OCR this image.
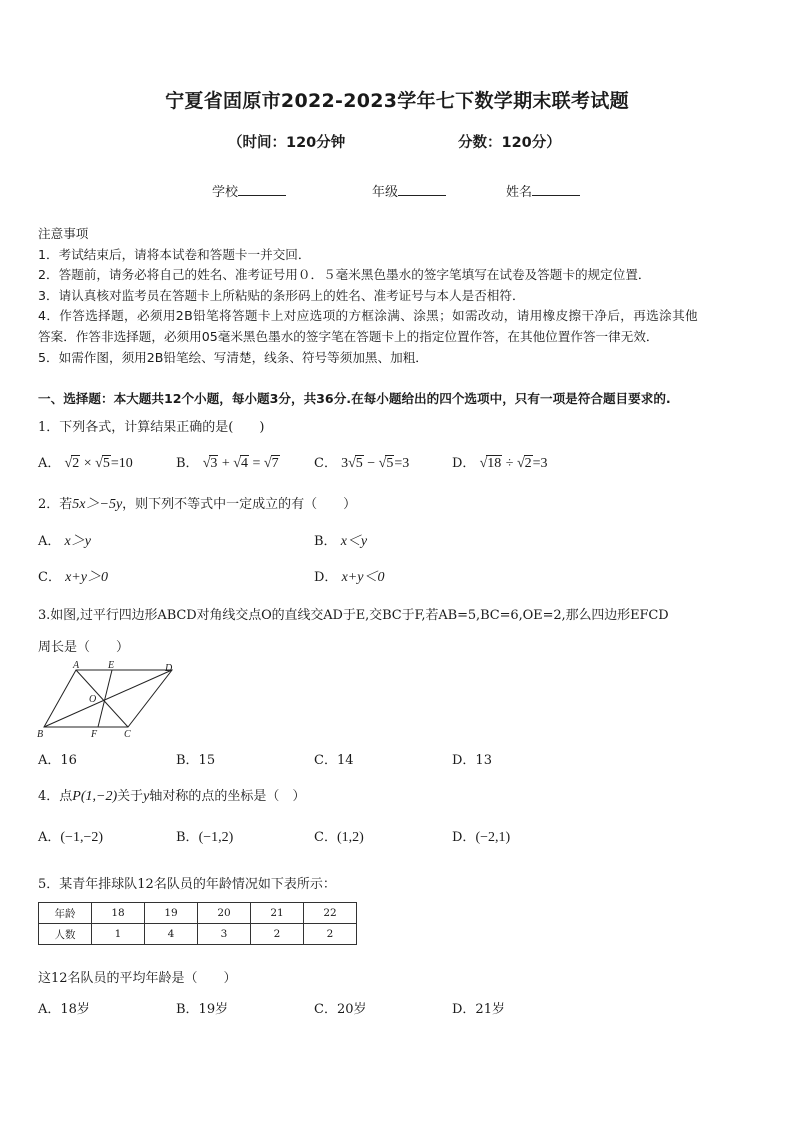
宁夏省固原市2022-2023学年七下数学期末联考试题
（时间：120分钟	分数：120分）
学校	年级	姓名
注意事项
1．考试结束后，请将本试卷和答题卡一并交回．
2．答题前，请务必将自己的姓名、准考证号用０．５毫米黑色墨水的签字笔填写在试卷及答题卡的规定位置．
3．请认真核对监考员在答题卡上所粘贴的条形码上的姓名、准考证号与本人是否相符．
4．作答选择题，必须用2B铅笔将答题卡上对应选项的方框涂满、涂黑；如需改动，请用橡皮擦干净后，再选涂其他
答案．作答非选择题，必须用05毫米黑色墨水的签字笔在答题卡上的指定位置作答，在其他位置作答一律无效．
5．如需作图，须用2B铅笔绘、写清楚，线条、符号等须加黑、加粗．
一、选择题：本大题共12个小题，每小题3分，共36分.在每小题给出的四个选项中，只有一项是符合题目要求的.
1．下列各式，计算结果正确的是(　　)
A． √2 × √5=10	B． √3 + √4 = √7	C． 3√5 − √5=3	D． √18 ÷ √2=3
2．若5x＞−5y，则下列不等式中一定成立的有（　　）
A． x＞y	B． x＜y
C． x+y＞0	D． x+y＜0
3.如图,过平行四边形ABCD对角线交点O的直线交AD于E,交BC于F,若AB=5,BC=6,OE=2,那么四边形EFCD
周长是（　　）
A	E	D
O
B	F	C
A．16	B．15	C．14	D．13
4．点P(1,−2)关于y轴对称的点的坐标是（　）
A．(−1,−2)	B．(−1,2)	C．(1,2)	D．(−2,1)
5．某青年排球队12名队员的年龄情况如下表所示：
年龄	18	19	20	21	22
人数	1	4	3	2	2
这12名队员的平均年龄是（　　）
A．18岁	B．19岁	C．20岁	D．21岁
